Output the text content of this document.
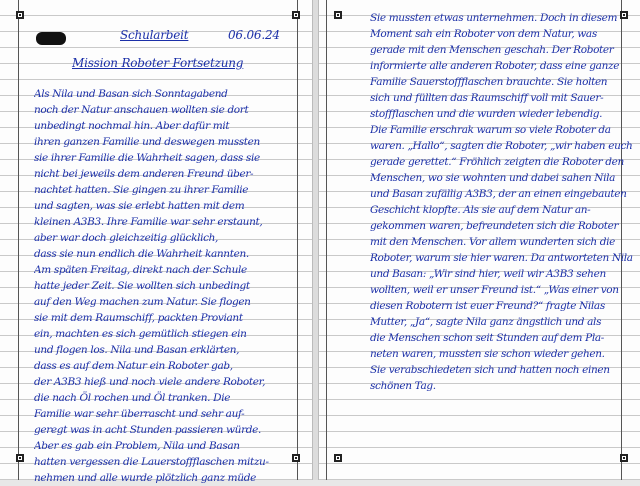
Schularbeit	06.06.24
Mission Roboter Fortsetzung
Als Nila und Basan sich Sonntagabend
noch der Natur anschauen wollten sie dort
unbedingt nochmal hin. Aber dafür mit
ihren ganzen Familie und deswegen mussten
sie ihrer Familie die Wahrheit sagen, dass sie
nicht bei jeweils dem anderen Freund über-
nachtet hatten. Sie gingen zu ihrer Familie
und sagten, was sie erlebt hatten mit dem
kleinen A3B3. Ihre Familie war sehr erstaunt,
aber war doch gleichzeitig glücklich,
dass sie nun endlich die Wahrheit kannten.
Am späten Freitag, direkt nach der Schule
hatte jeder Zeit. Sie wollten sich unbedingt
auf den Weg machen zum Natur. Sie flogen
sie mit dem Raumschiff, packten Proviant
ein, machten es sich gemütlich stiegen ein
und flogen los. Nila und Basan erklärten,
dass es auf dem Natur ein Roboter gab,
der A3B3 hieß und noch viele andere Roboter,
die nach Öl rochen und Öl tranken. Die
Familie war sehr überrascht und sehr auf-
geregt was in acht Stunden passieren würde.
Aber es gab ein Problem, Nila und Basan
hatten vergessen die Lauerstoffflaschen mitzu-
nehmen und alle wurde plötzlich ganz müde
Sie mussten etwas unternehmen. Doch in diesem
Moment sah ein Roboter von dem Natur, was
gerade mit den Menschen geschah. Der Roboter
informierte alle anderen Roboter, dass eine ganze
Familie Sauerstoffflaschen brauchte. Sie holten
sich und füllten das Raumschiff voll mit Sauer-
stoffflaschen und die wurden wieder lebendig.
Die Familie erschrak warum so viele Roboter da
waren. „Hallo“, sagten die Roboter, „wir haben euch
gerade gerettet.“ Fröhlich zeigten die Roboter den
Menschen, wo sie wohnten und dabei sahen Nila
und Basan zufällig A3B3, der an einen eingebauten
Geschicht klopfte. Als sie auf dem Natur an-
gekommen waren, befreundeten sich die Roboter
mit den Menschen. Vor allem wunderten sich die
Roboter, warum sie hier waren. Da antworteten Nila
und Basan: „Wir sind hier, weil wir A3B3 sehen
wollten, weil er unser Freund ist.“ „Was einer von
diesen Robotern ist euer Freund?“ fragte Nilas
Mutter, „Ja“, sagte Nila ganz ängstlich und als
die Menschen schon seit Stunden auf dem Pla-
neten waren, mussten sie schon wieder gehen.
Sie verabschiedeten sich und hatten noch einen
schönen Tag.
